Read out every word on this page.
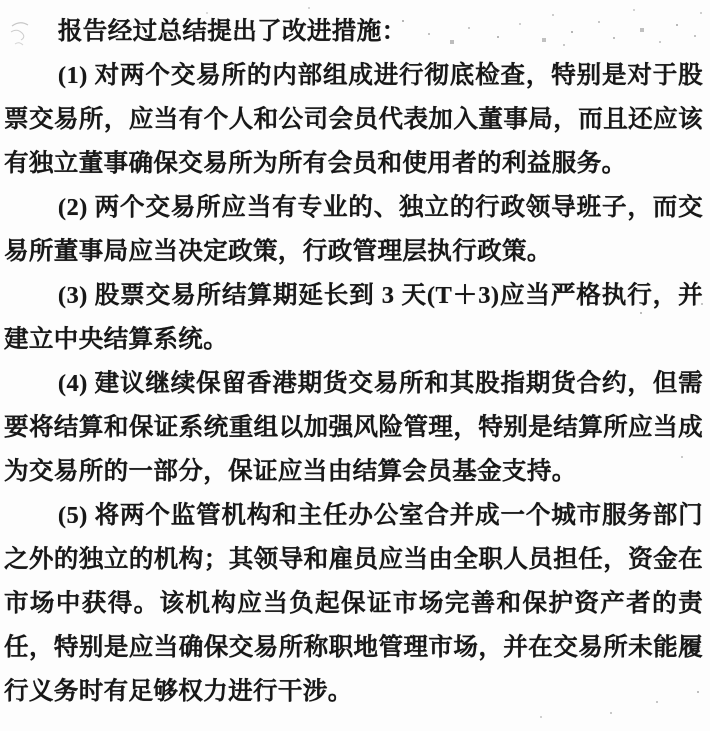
报告经过总结提出了改进措施：

(1) 对两个交易所的内部组成进行彻底检查，特别是对于股票交易所，应当有个人和公司会员代表加入董事局，而且还应该有独立董事确保交易所为所有会员和使用者的利益服务。

(2) 两个交易所应当有专业的、独立的行政领导班子，而交易所董事局应当决定政策，行政管理层执行政策。

(3) 股票交易所结算期延长到 3 天(T＋3)应当严格执行，并建立中央结算系统。

(4) 建议继续保留香港期货交易所和其股指期货合约，但需要将结算和保证系统重组以加强风险管理，特别是结算所应当成为交易所的一部分，保证应当由结算会员基金支持。

(5) 将两个监管机构和主任办公室合并成一个城市服务部门之外的独立的机构；其领导和雇员应当由全职人员担任，资金在市场中获得。该机构应当负起保证市场完善和保护资产者的责任，特别是应当确保交易所称职地管理市场，并在交易所未能履行义务时有足够权力进行干涉。
